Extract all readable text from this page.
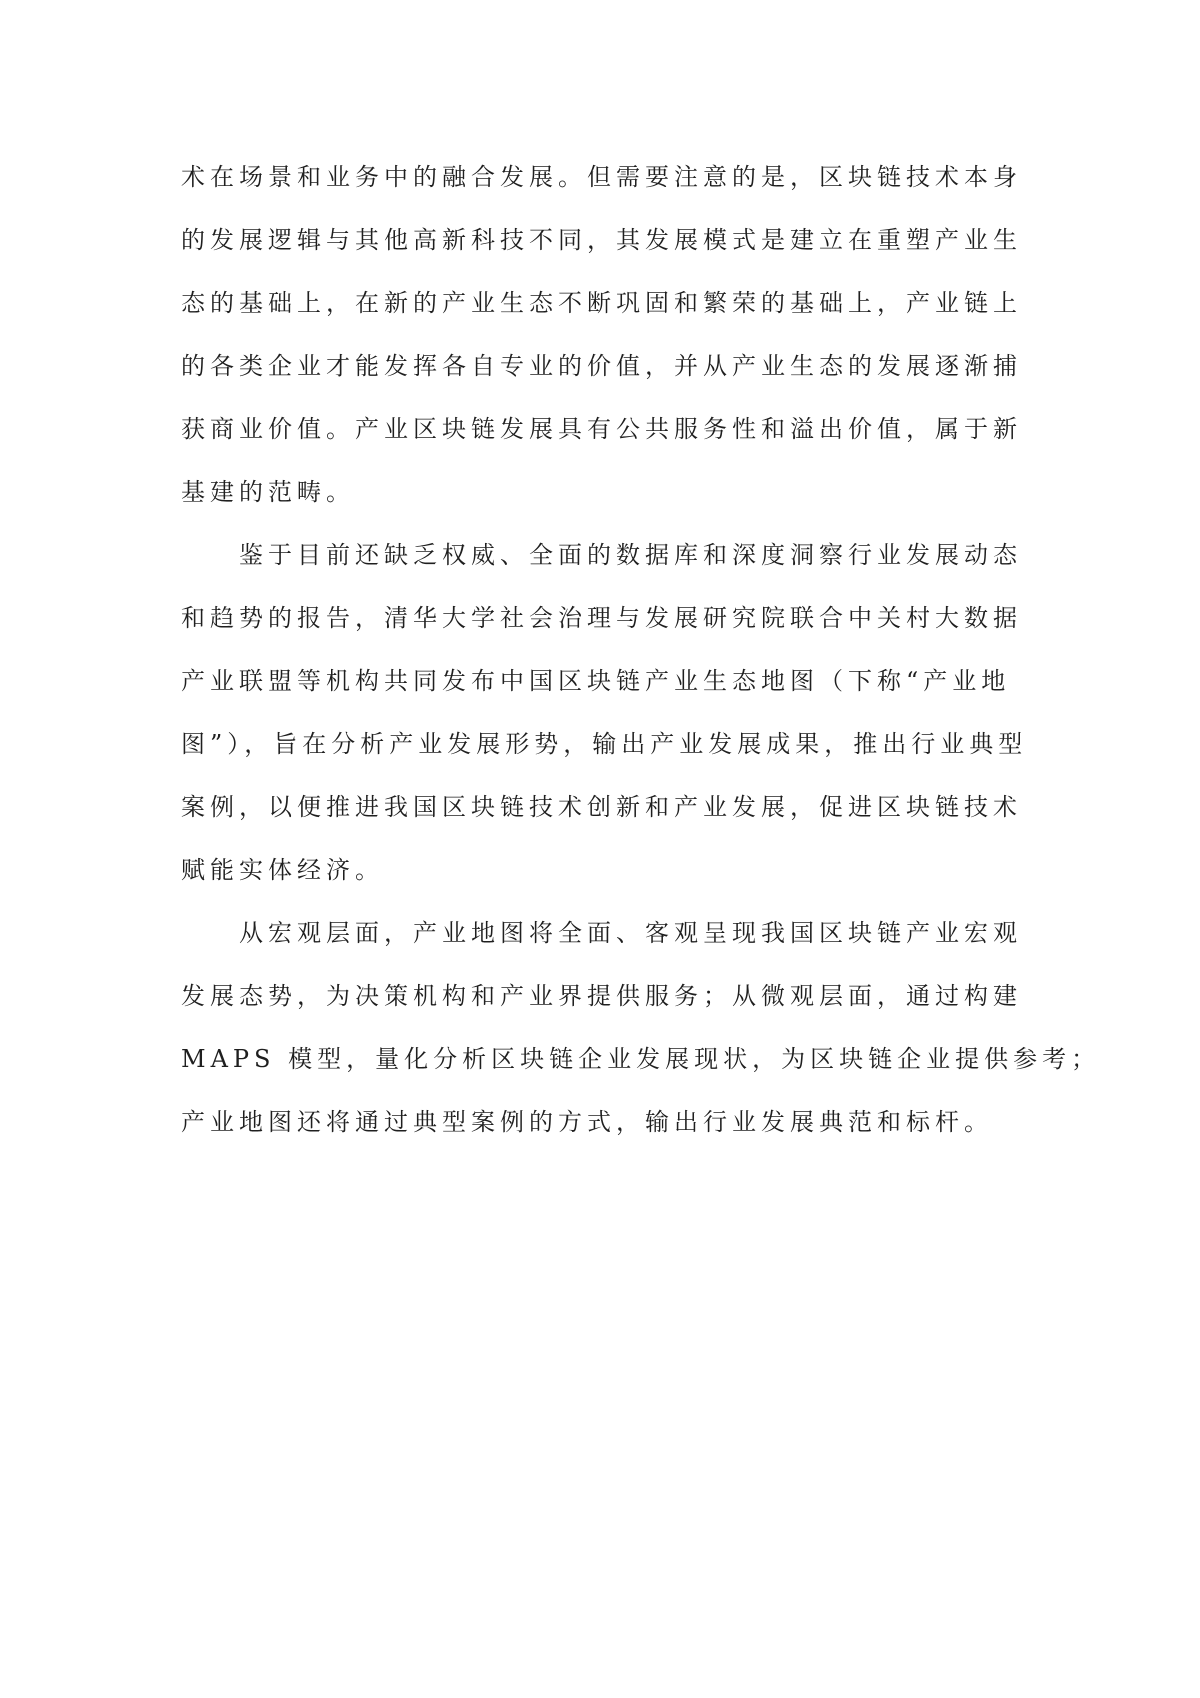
术在场景和业务中的融合发展。但需要注意的是，区块链技术本身
的发展逻辑与其他高新科技不同，其发展模式是建立在重塑产业生
态的基础上，在新的产业生态不断巩固和繁荣的基础上，产业链上
的各类企业才能发挥各自专业的价值，并从产业生态的发展逐渐捕
获商业价值。产业区块链发展具有公共服务性和溢出价值，属于新
基建的范畴。
鉴于目前还缺乏权威、全面的数据库和深度洞察行业发展动态
和趋势的报告，清华大学社会治理与发展研究院联合中关村大数据
产业联盟等机构共同发布中国区块链产业生态地图（下称“产业地
图”），旨在分析产业发展形势，输出产业发展成果，推出行业典型
案例，以便推进我国区块链技术创新和产业发展，促进区块链技术
赋能实体经济。
从宏观层面，产业地图将全面、客观呈现我国区块链产业宏观
发展态势，为决策机构和产业界提供服务；从微观层面，通过构建
MAPS 模型，量化分析区块链企业发展现状，为区块链企业提供参考；
产业地图还将通过典型案例的方式，输出行业发展典范和标杆。
